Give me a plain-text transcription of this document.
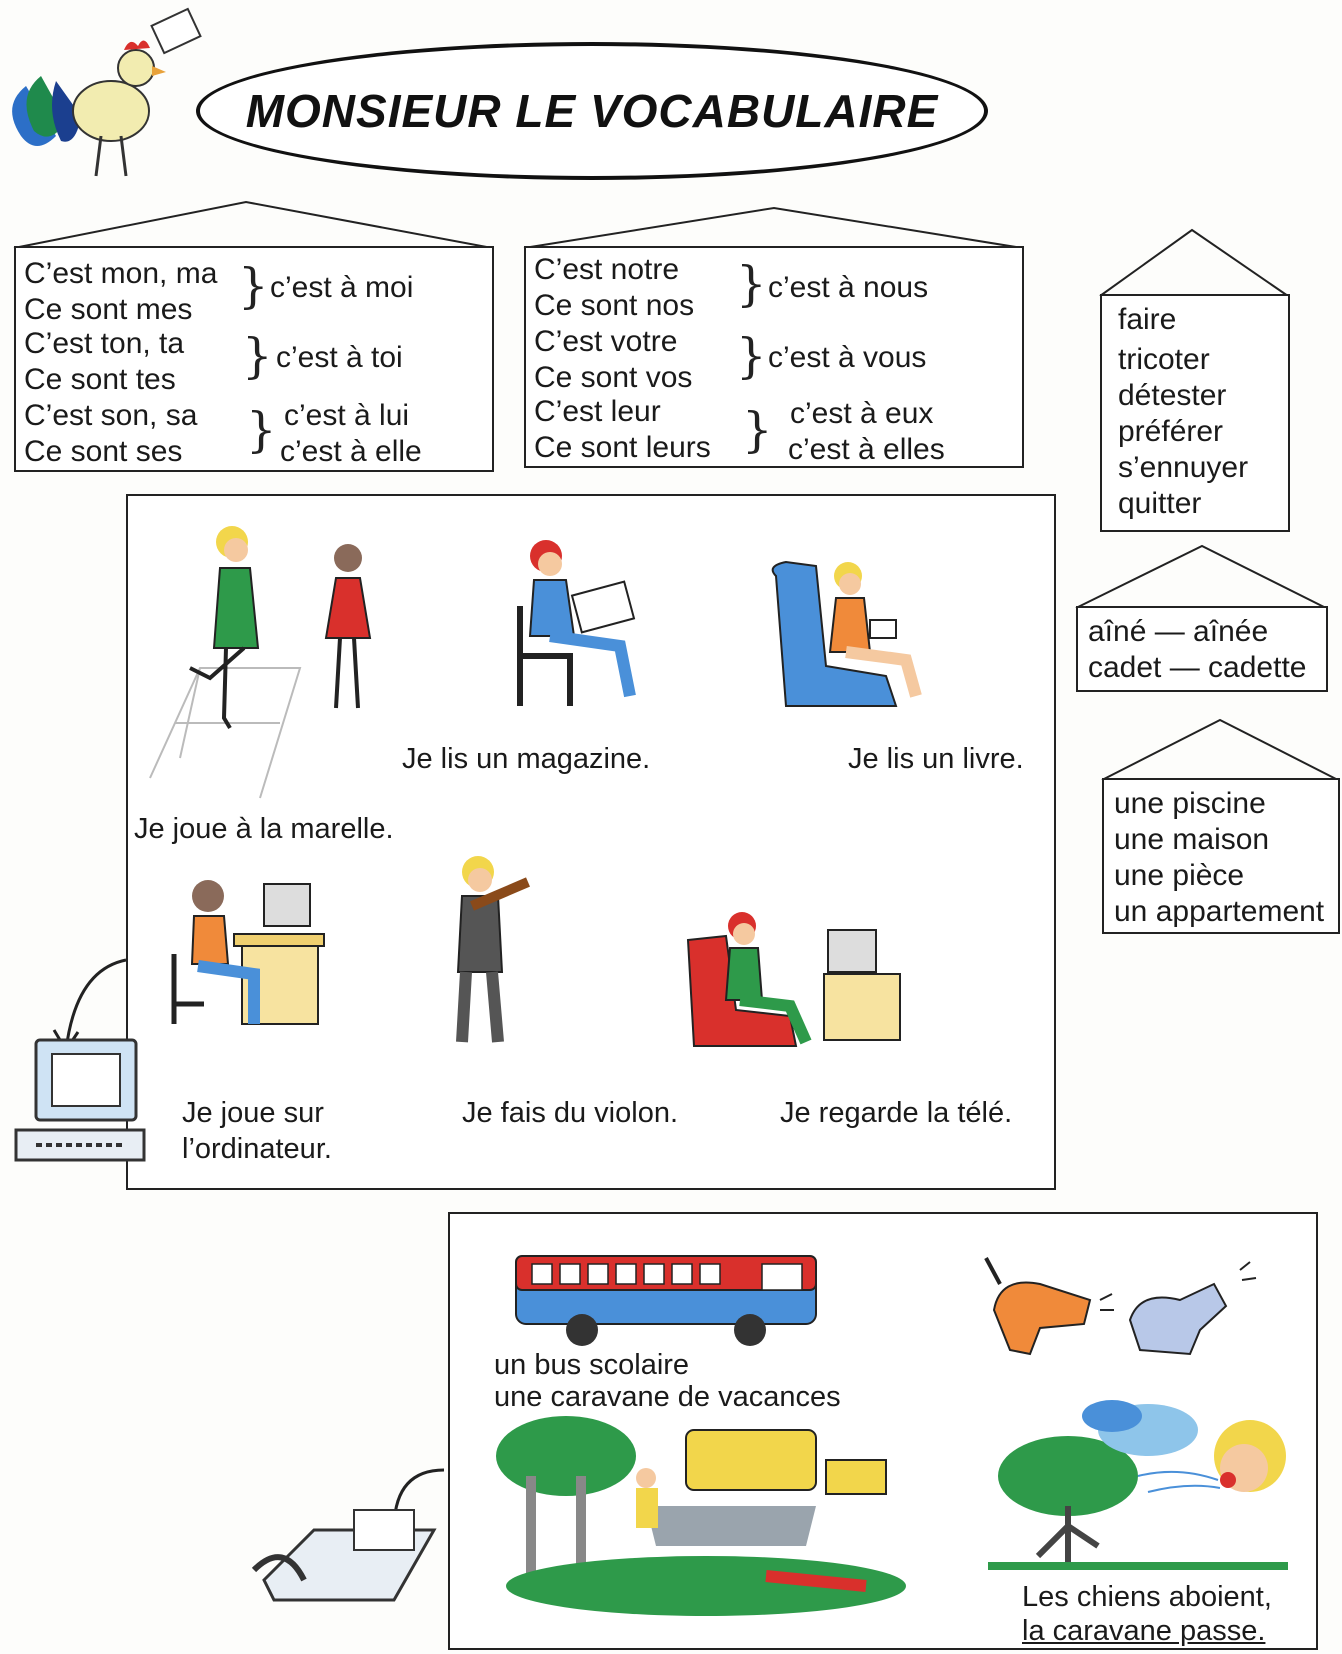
MONSIEUR LE VOCABULAIRE
C’est mon, ma
Ce sont mes } c’est à moi
C’est ton, ta
Ce sont tes } c’est à toi
C’est son, sa
Ce sont ses } c’est à lui
c’est à elle
C’est notre
Ce sont nos } c’est à nous
C’est votre
Ce sont vos } c’est à vous
C’est leur
Ce sont leurs } c’est à eux
c’est à elles
faire
tricoter
détester
préférer
s’ennuyer
quitter
aîné — aînée
cadet — cadette
une piscine
une maison
une pièce
un appartement
Je joue à la marelle.
Je lis un magazine.	Je lis un livre.
Je joue sur
l’ordinateur.
Je fais du violon.	Je regarde la télé.
un bus scolaire
une caravane de vacances
Les chiens aboient,
la caravane passe.
